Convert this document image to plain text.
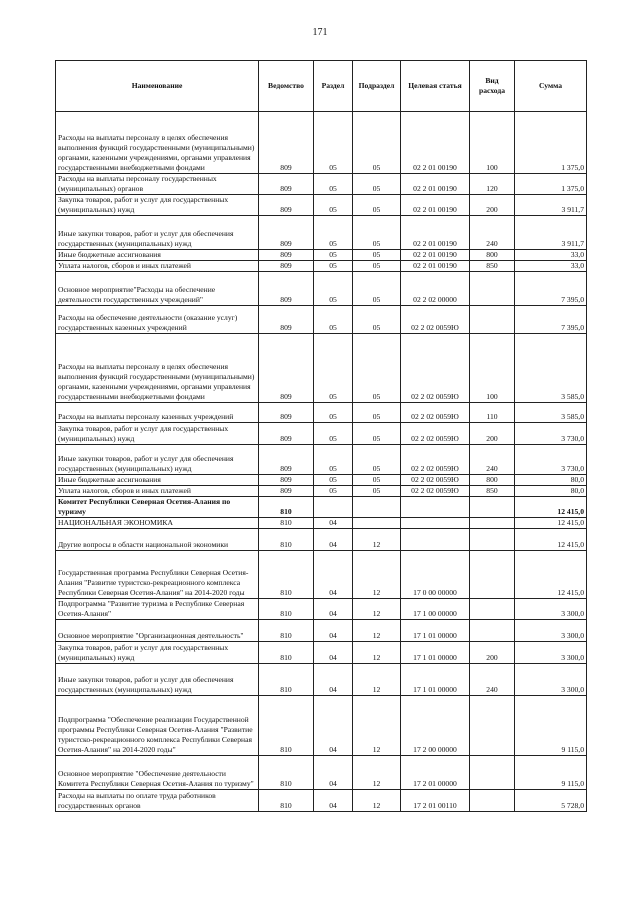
171
Наименование	Ведомство	Раздел	Подраздел	Целевая статья	Вид расхода	Сумма
Расходы на выплаты персоналу в целях обеспечения выполнения функций государственными (муниципальными) органами, казенными учреждениями, органами управления государственными внебюджетными фондами	809	05	05	02 2 01 00190	100	1 375,0
Расходы на выплаты персоналу государственных (муниципальных) органов	809	05	05	02 2 01 00190	120	1 375,0
Закупка товаров, работ и услуг для государственных (муниципальных) нужд	809	05	05	02 2 01 00190	200	3 911,7
Иные закупки товаров, работ и услуг для обеспечения государственных (муниципальных) нужд	809	05	05	02 2 01 00190	240	3 911,7
Иные бюджетные ассигнования	809	05	05	02 2 01 00190	800	33,0
Уплата налогов, сборов и иных платежей	809	05	05	02 2 01 00190	850	33,0
Основное мероприятие"Расходы на обеспечение деятельности государственных учреждений"	809	05	05	02 2 02 00000		7 395,0
Расходы на обеспечение деятельности (оказание услуг) государственных казенных учреждений	809	05	05	02 2 02 0059Ю		7 395,0
Расходы на выплаты персоналу в целях обеспечения выполнения функций государственными (муниципальными) органами, казенными учреждениями, органами управления государственными внебюджетными фондами	809	05	05	02 2 02 0059Ю	100	3 585,0
Расходы на выплаты персоналу казенных учреждений	809	05	05	02 2 02 0059Ю	110	3 585,0
Закупка товаров, работ и услуг для государственных (муниципальных) нужд	809	05	05	02 2 02 0059Ю	200	3 730,0
Иные закупки товаров, работ и услуг для обеспечения государственных (муниципальных) нужд	809	05	05	02 2 02 0059Ю	240	3 730,0
Иные бюджетные ассигнования	809	05	05	02 2 02 0059Ю	800	80,0
Уплата налогов, сборов и иных платежей	809	05	05	02 2 02 0059Ю	850	80,0
Комитет Республики Северная Осетия-Алания по туризму	810					12 415,0
НАЦИОНАЛЬНАЯ ЭКОНОМИКА	810	04				12 415,0
Другие вопросы в области национальной экономики	810	04	12			12 415,0
Государственная программа Республики Северная Осетия-Алания "Развитие туристско-рекреационного комплекса Республики Северная Осетия-Алания" на 2014-2020 годы	810	04	12	17 0 00 00000		12 415,0
Подпрограмма "Развитие туризма в Республике Северная Осетия-Алания"	810	04	12	17 1 00 00000		3 300,0
Основное мероприятие "Организационная деятельность"	810	04	12	17 1 01 00000		3 300,0
Закупка товаров, работ и услуг для государственных (муниципальных) нужд	810	04	12	17 1 01 00000	200	3 300,0
Иные закупки товаров, работ и услуг для обеспечения государственных (муниципальных) нужд	810	04	12	17 1 01 00000	240	3 300,0
Подпрограмма "Обеспечение реализации Государственной программы Республики Северная Осетия-Алания "Развитие туристско-рекреационного комплекса Республики Северная Осетия-Алания" на 2014-2020 годы"	810	04	12	17 2 00 00000		9 115,0
Основное мероприятие "Обеспечение деятельности Комитета Республики Северная Осетия-Алания по туризму"	810	04	12	17 2 01 00000		9 115,0
Расходы на выплаты по оплате труда работников государственных органов	810	04	12	17 2 01 00110		5 728,0
